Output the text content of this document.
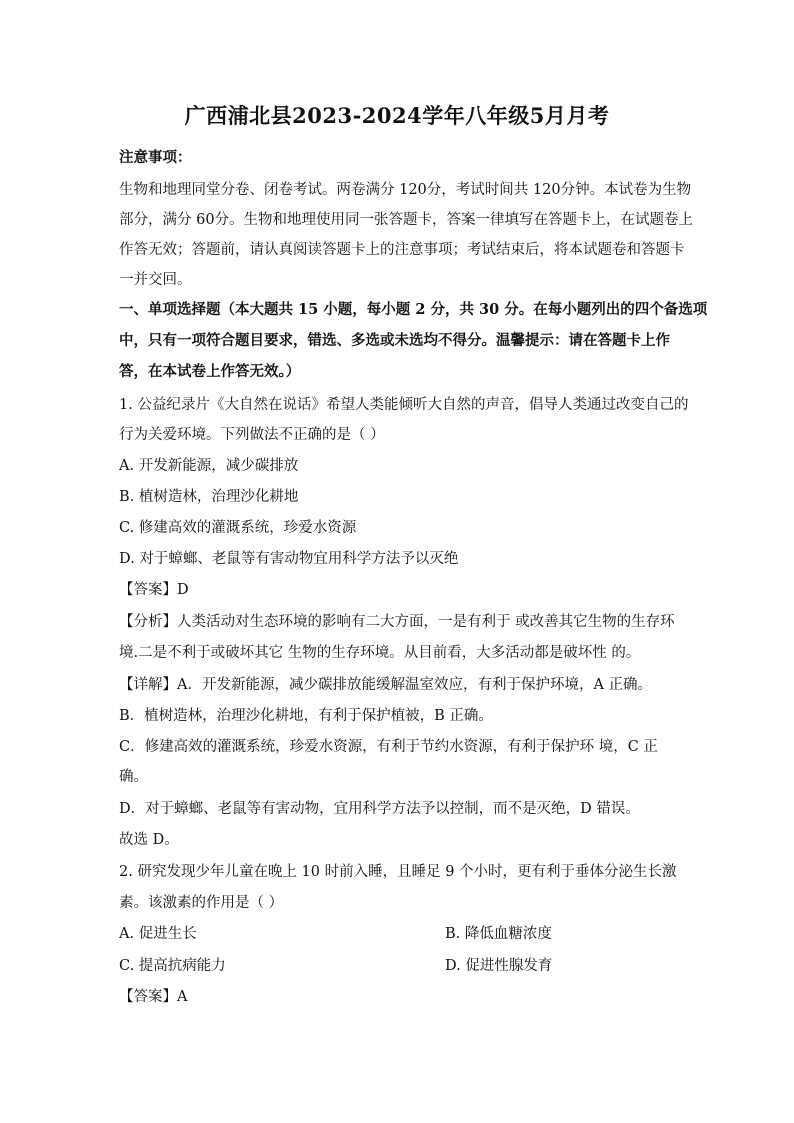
广西浦北县2023-2024学年八年级5月月考
注意事项：
生物和地理同堂分卷、闭卷考试。两卷满分 120分，考试时间共 120分钟。本试卷为生物
部分，满分 60分。生物和地理使用同一张答题卡，答案一律填写在答题卡上，在试题卷上
作答无效；答题前，请认真阅读答题卡上的注意事项；考试结束后，将本试题卷和答题卡
一并交回。
一、单项选择题（本大题共 15 小题，每小题 2 分，共 30 分。在每小题列出的四个备选项
中，只有一项符合题目要求，错选、多选或未选均不得分。温馨提示：请在答题卡上作
答，在本试卷上作答无效。）
1. 公益纪录片《大自然在说话》希望人类能倾听大自然的声音，倡导人类通过改变自己的
行为关爱环境。下列做法不正确的是（ ）
A. 开发新能源，减少碳排放
B. 植树造林，治理沙化耕地
C. 修建高效的灌溉系统，珍爱水资源
D. 对于蟑螂、老鼠等有害动物宜用科学方法予以灭绝
【答案】D
【分析】人类活动对生态环境的影响有二大方面，一是有利于 或改善其它生物的生存环
境.二是不利于或破坏其它 生物的生存环境。从目前看，大多活动都是破坏性 的。
【详解】A．开发新能源，减少碳排放能缓解温室效应，有利于保护环境，A 正确。
B．植树造林，治理沙化耕地，有利于保护植被，B 正确。
C．修建高效的灌溉系统，珍爱水资源，有利于节约水资源，有利于保护环 境，C 正
确。
D．对于蟑螂、老鼠等有害动物，宜用科学方法予以控制，而不是灭绝，D 错误。
故选 D。
2. 研究发现少年儿童在晚上 10 时前入睡，且睡足 9 个小时，更有利于垂体分泌生长激
素。该激素的作用是（ ）
A. 促进生长	B. 降低血糖浓度
C. 提高抗病能力	D. 促进性腺发育
【答案】A
